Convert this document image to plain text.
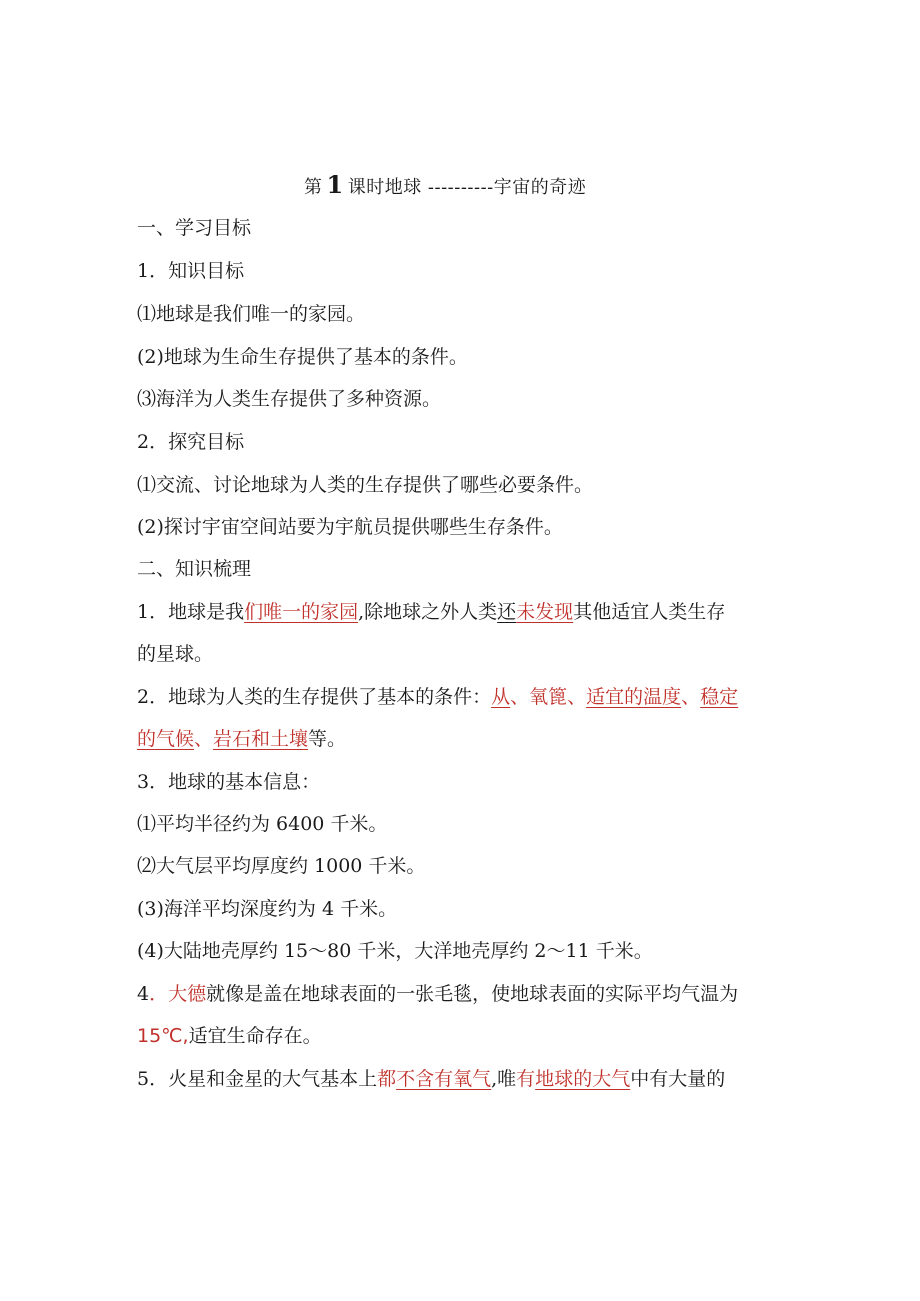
第 1 课时地球 ----------宇宙的奇迹
一、学习目标
1．知识目标
⑴地球是我们唯一的家园。
(2)地球为生命生存提供了基本的条件。
⑶海洋为人类生存提供了多种资源。
2．探究目标
⑴交流、讨论地球为人类的生存提供了哪些必要条件。
(2)探讨宇宙空间站要为宇航员提供哪些生存条件。
二、知识梳理
1．地球是我们唯一的家园,除地球之外人类还未发现其他适宜人类生存
的星球。
2．地球为人类的生存提供了基本的条件：从、氧篦、适宜的温度、稳定
的气候、岩石和土壤等。
3．地球的基本信息：
⑴平均半径约为 6400 千米。
⑵大气层平均厚度约 1000 千米。
(3)海洋平均深度约为 4 千米。
(4)大陆地壳厚约 15〜80 千米，大洋地壳厚约 2〜11 千米。
4．大德就像是盖在地球表面的一张毛毯，使地球表面的实际平均气温为
15℃,适宜生命存在。
5．火星和金星的大气基本上都不含有氧气,唯有地球的大气中有大量的
